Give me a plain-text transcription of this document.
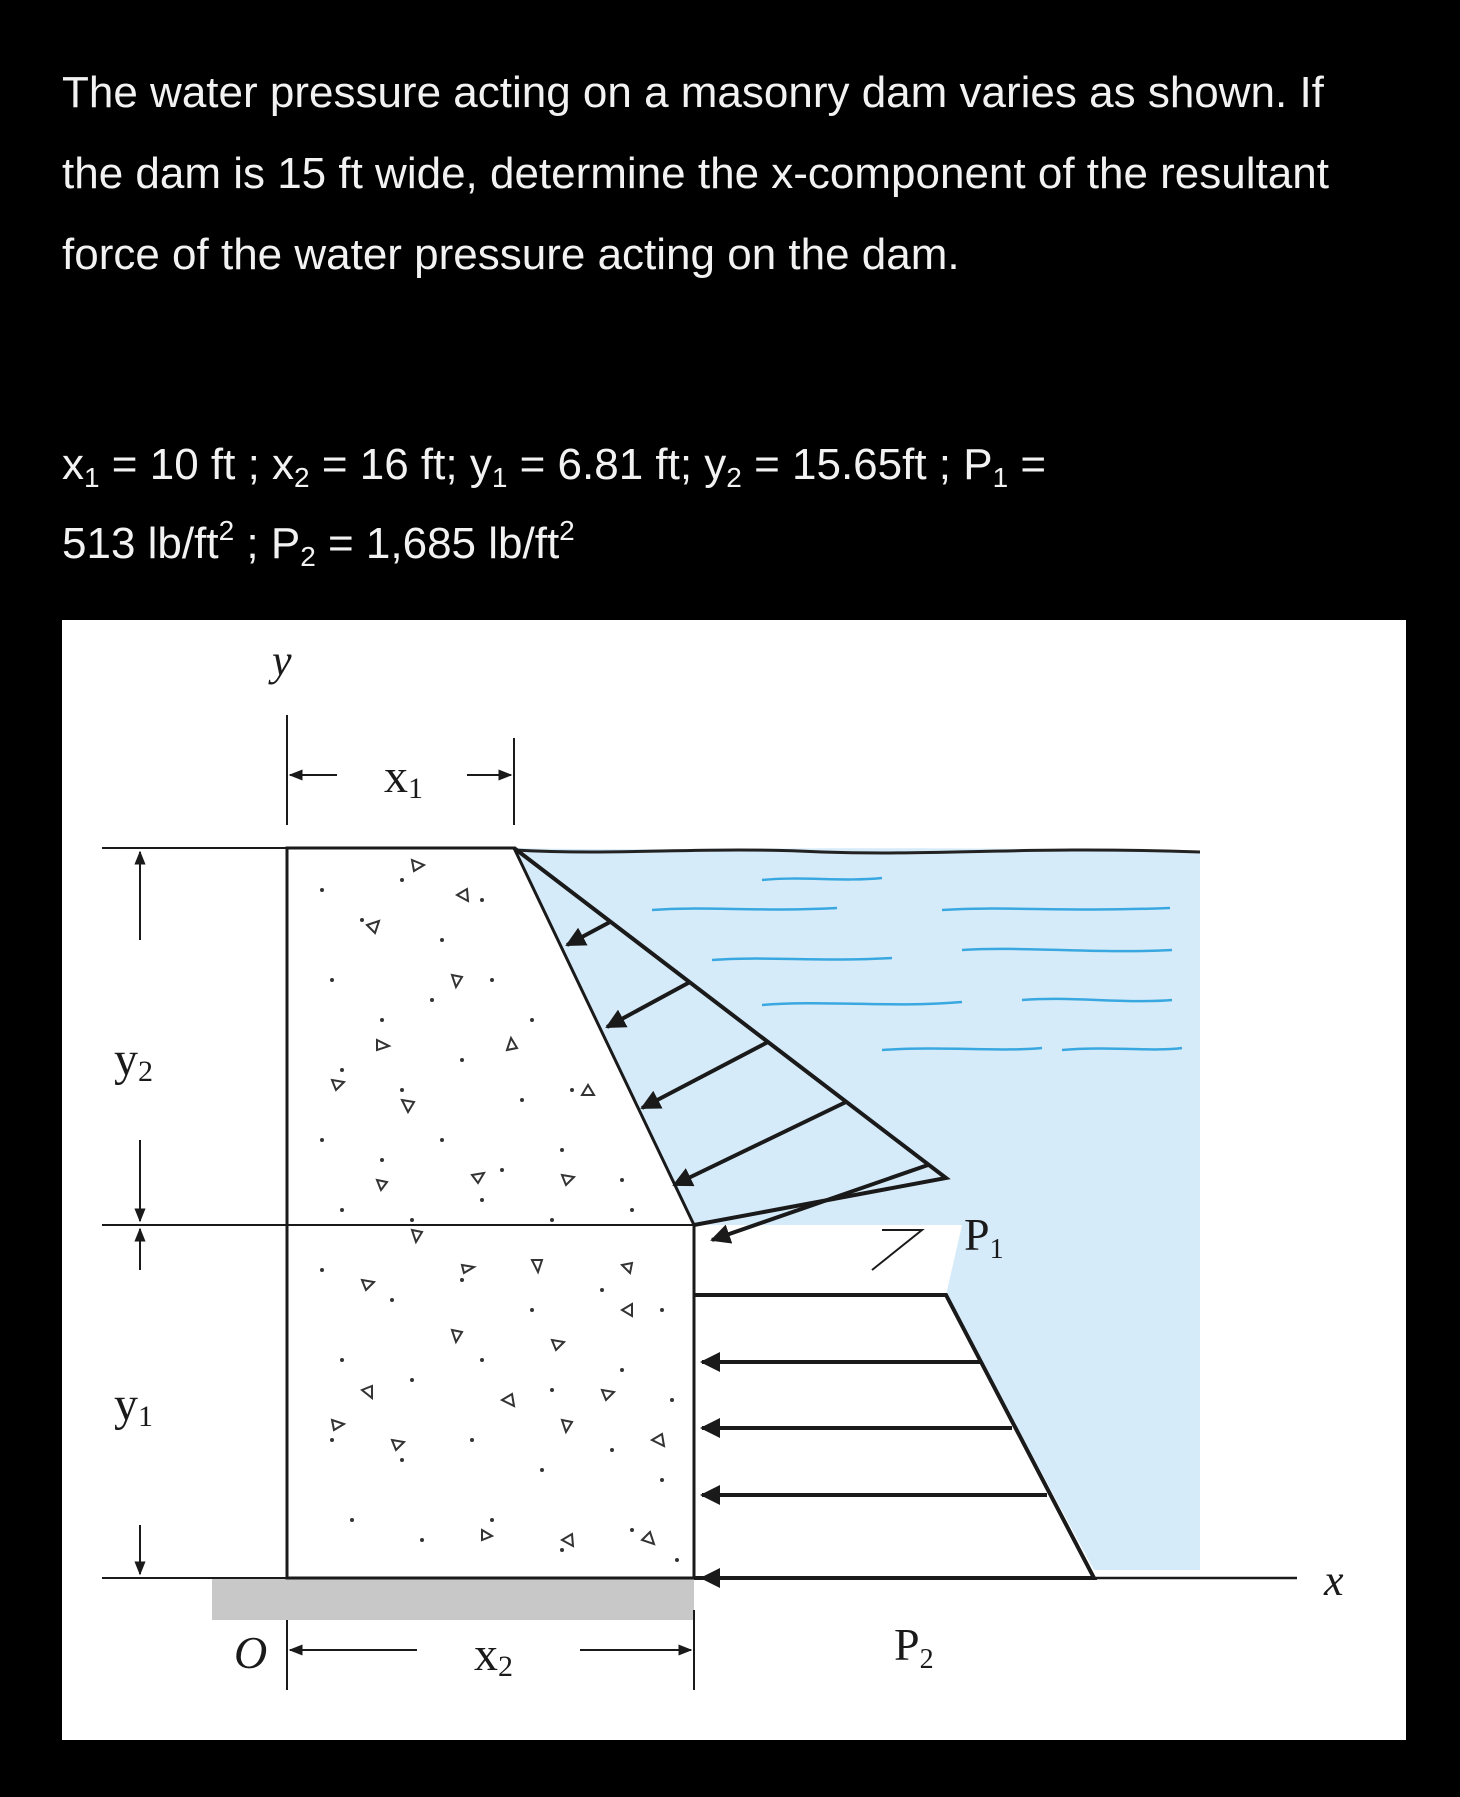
The water pressure acting on a masonry dam varies as shown. If the dam is 15 ft wide, determine the x-component of the resultant force of the water pressure acting on the dam.
$x_1 = 10$ ft ; $x_2 = 16$ ft; $y_1 = 6.81$ ft; $y_2 = 15.65ft$ ; $P_1$ =
513 $lb/ft^2$ ; $P_2 = 1,685$ $lb/ft^2$
x1
x2
y2
y1
y
x
O
P1
P2
